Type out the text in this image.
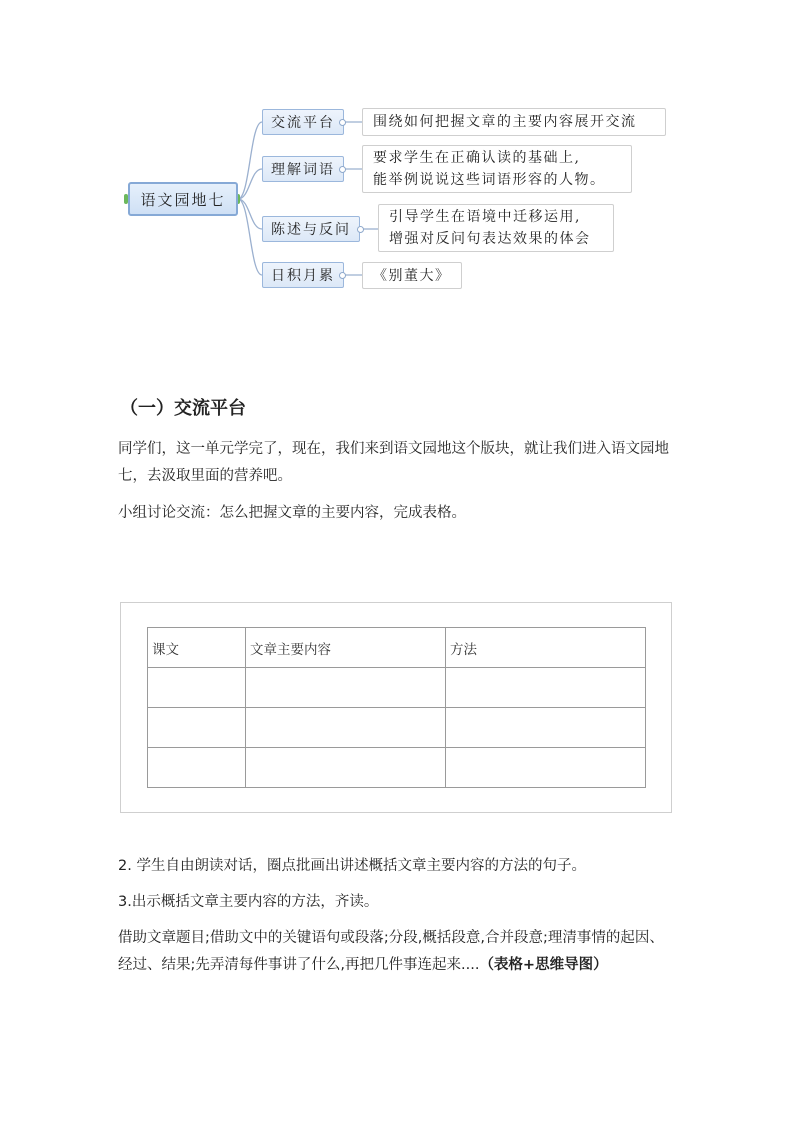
语文园地七
交流平台	围绕如何把握文章的主要内容展开交流
理解词语
要求学生在正确认读的基础上,
能举例说说这些词语形容的人物。
陈述与反问
引导学生在语境中迁移运用,
增强对反问句表达效果的体会
日积月累	《别董大》
（一）交流平台
同学们，这一单元学完了，现在，我们来到语文园地这个版块，就让我们进入语文园地七，去汲取里面的营养吧。
小组讨论交流：怎么把握文章的主要内容，完成表格。
课文	文章主要内容	方法

2. 学生自由朗读对话，圈点批画出讲述概括文章主要内容的方法的句子。
3.出示概括文章主要内容的方法，齐读。
借助文章题目;借助文中的关键语句或段落;分段,概括段意,合并段意;理清事情的起因、经过、结果;先弄清每件事讲了什么,再把几件事连起来....（表格+思维导图）
